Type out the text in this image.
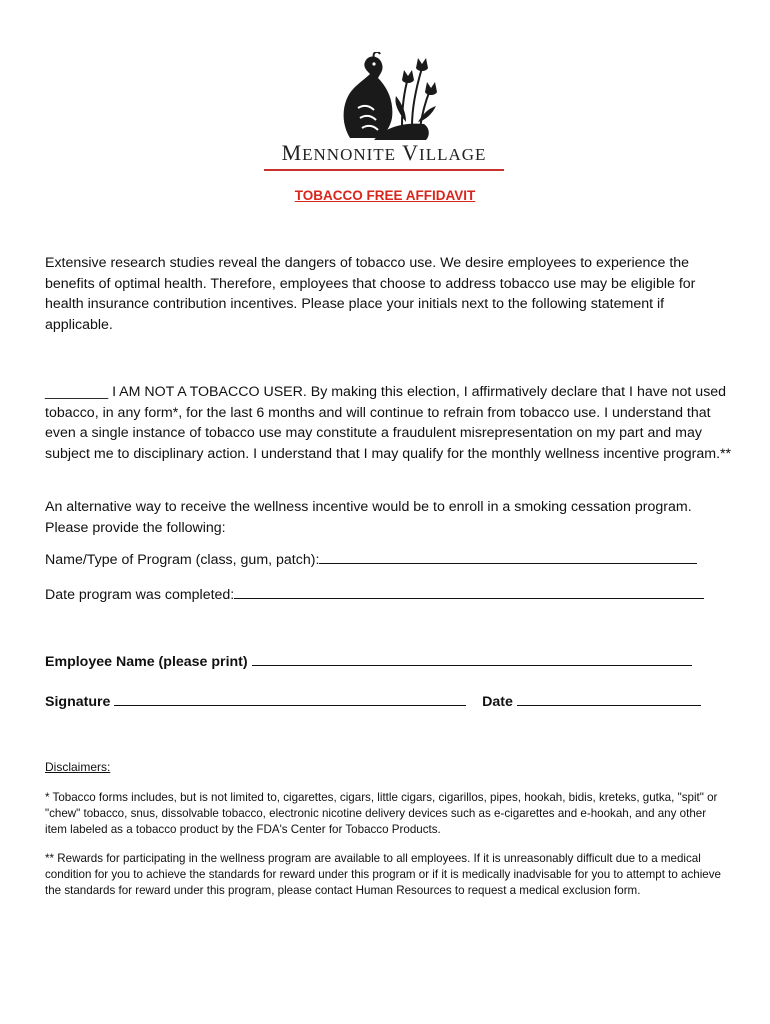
MENNONITE VILLAGE
TOBACCO FREE AFFIDAVIT

Extensive research studies reveal the dangers of tobacco use. We desire employees to experience the benefits of optimal health. Therefore, employees that choose to address tobacco use may be eligible for health insurance contribution incentives. Please place your initials next to the following statement if applicable.

________ I AM NOT A TOBACCO USER. By making this election, I affirmatively declare that I have not used tobacco, in any form*, for the last 6 months and will continue to refrain from tobacco use. I understand that even a single instance of tobacco use may constitute a fraudulent misrepresentation on my part and may subject me to disciplinary action. I understand that I may qualify for the monthly wellness incentive program.**

An alternative way to receive the wellness incentive would be to enroll in a smoking cessation program. Please provide the following:

Name/Type of Program (class, gum, patch):
Date program was completed:
Employee Name (please print)
Signature	Date
Disclaimers:

* Tobacco forms includes, but is not limited to, cigarettes, cigars, little cigars, cigarillos, pipes, hookah, bidis, kreteks, gutka, "spit" or "chew" tobacco, snus, dissolvable tobacco, electronic nicotine delivery devices such as e-cigarettes and e-hookah, and any other item labeled as a tobacco product by the FDA's Center for Tobacco Products.

** Rewards for participating in the wellness program are available to all employees. If it is unreasonably difficult due to a medical condition for you to achieve the standards for reward under this program or if it is medically inadvisable for you to attempt to achieve the standards for reward under this program, please contact Human Resources to request a medical exclusion form.
